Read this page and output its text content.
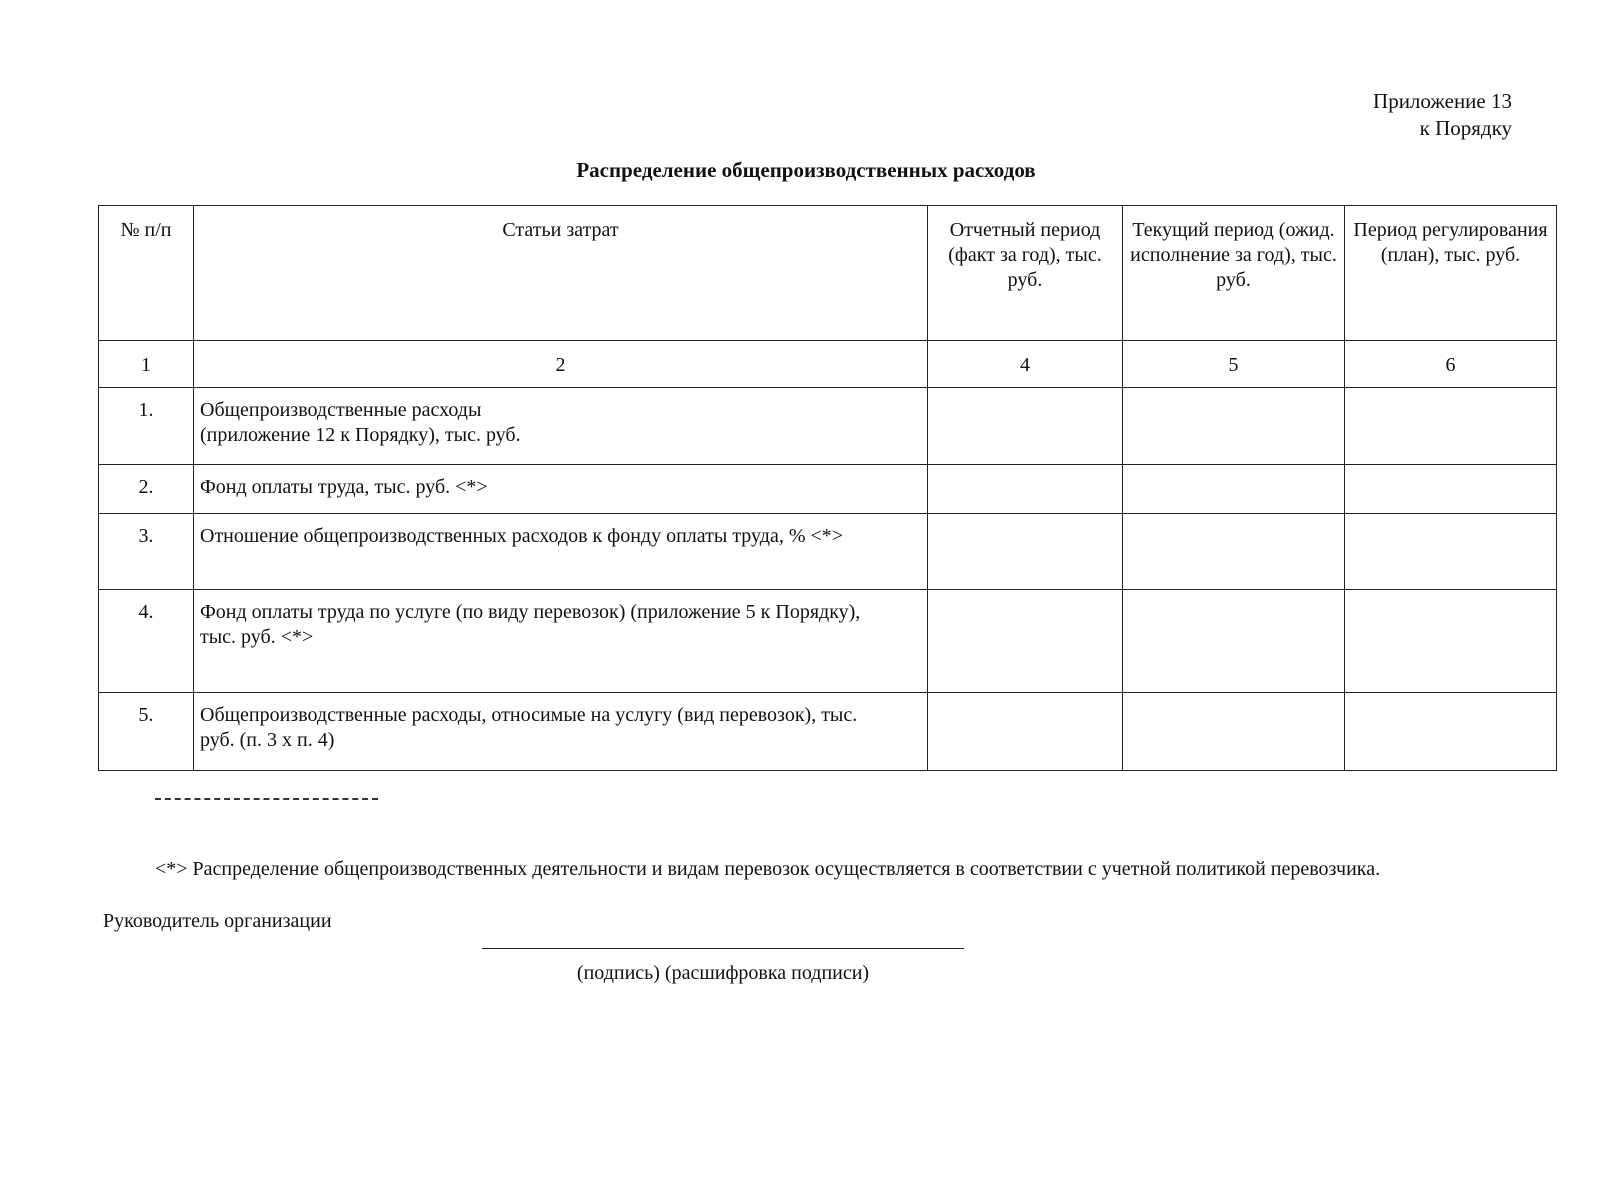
Приложение 13
к Порядку
Распределение общепроизводственных расходов
№ п/п	Статьи затрат	Отчетный период (факт за год), тыс. руб.	Текущий период (ожид. исполнение за год), тыс. руб.	Период регулирования (план), тыс. руб.
1	2	4	5	6
1.	Общепроизводственные расходы
(приложение 12 к Порядку), тыс. руб.			

2.	Фонд оплаты труда, тыс. руб. <*>			

3.	Отношение общепроизводственных расходов к фонду оплаты труда, % <*>			

4.	Фонд оплаты труда по услуге (по виду перевозок) (приложение 5 к Порядку),
тыс. руб. <*>			

5.	Общепроизводственные расходы, относимые на услугу (вид перевозок), тыс.
руб. (п. 3 х п. 4)			

<*> Распределение общепроизводственных деятельности и видам перевозок осуществляется в соответствии с учетной политикой перевозчика.
Руководитель организации
(подпись) (расшифровка подписи)
